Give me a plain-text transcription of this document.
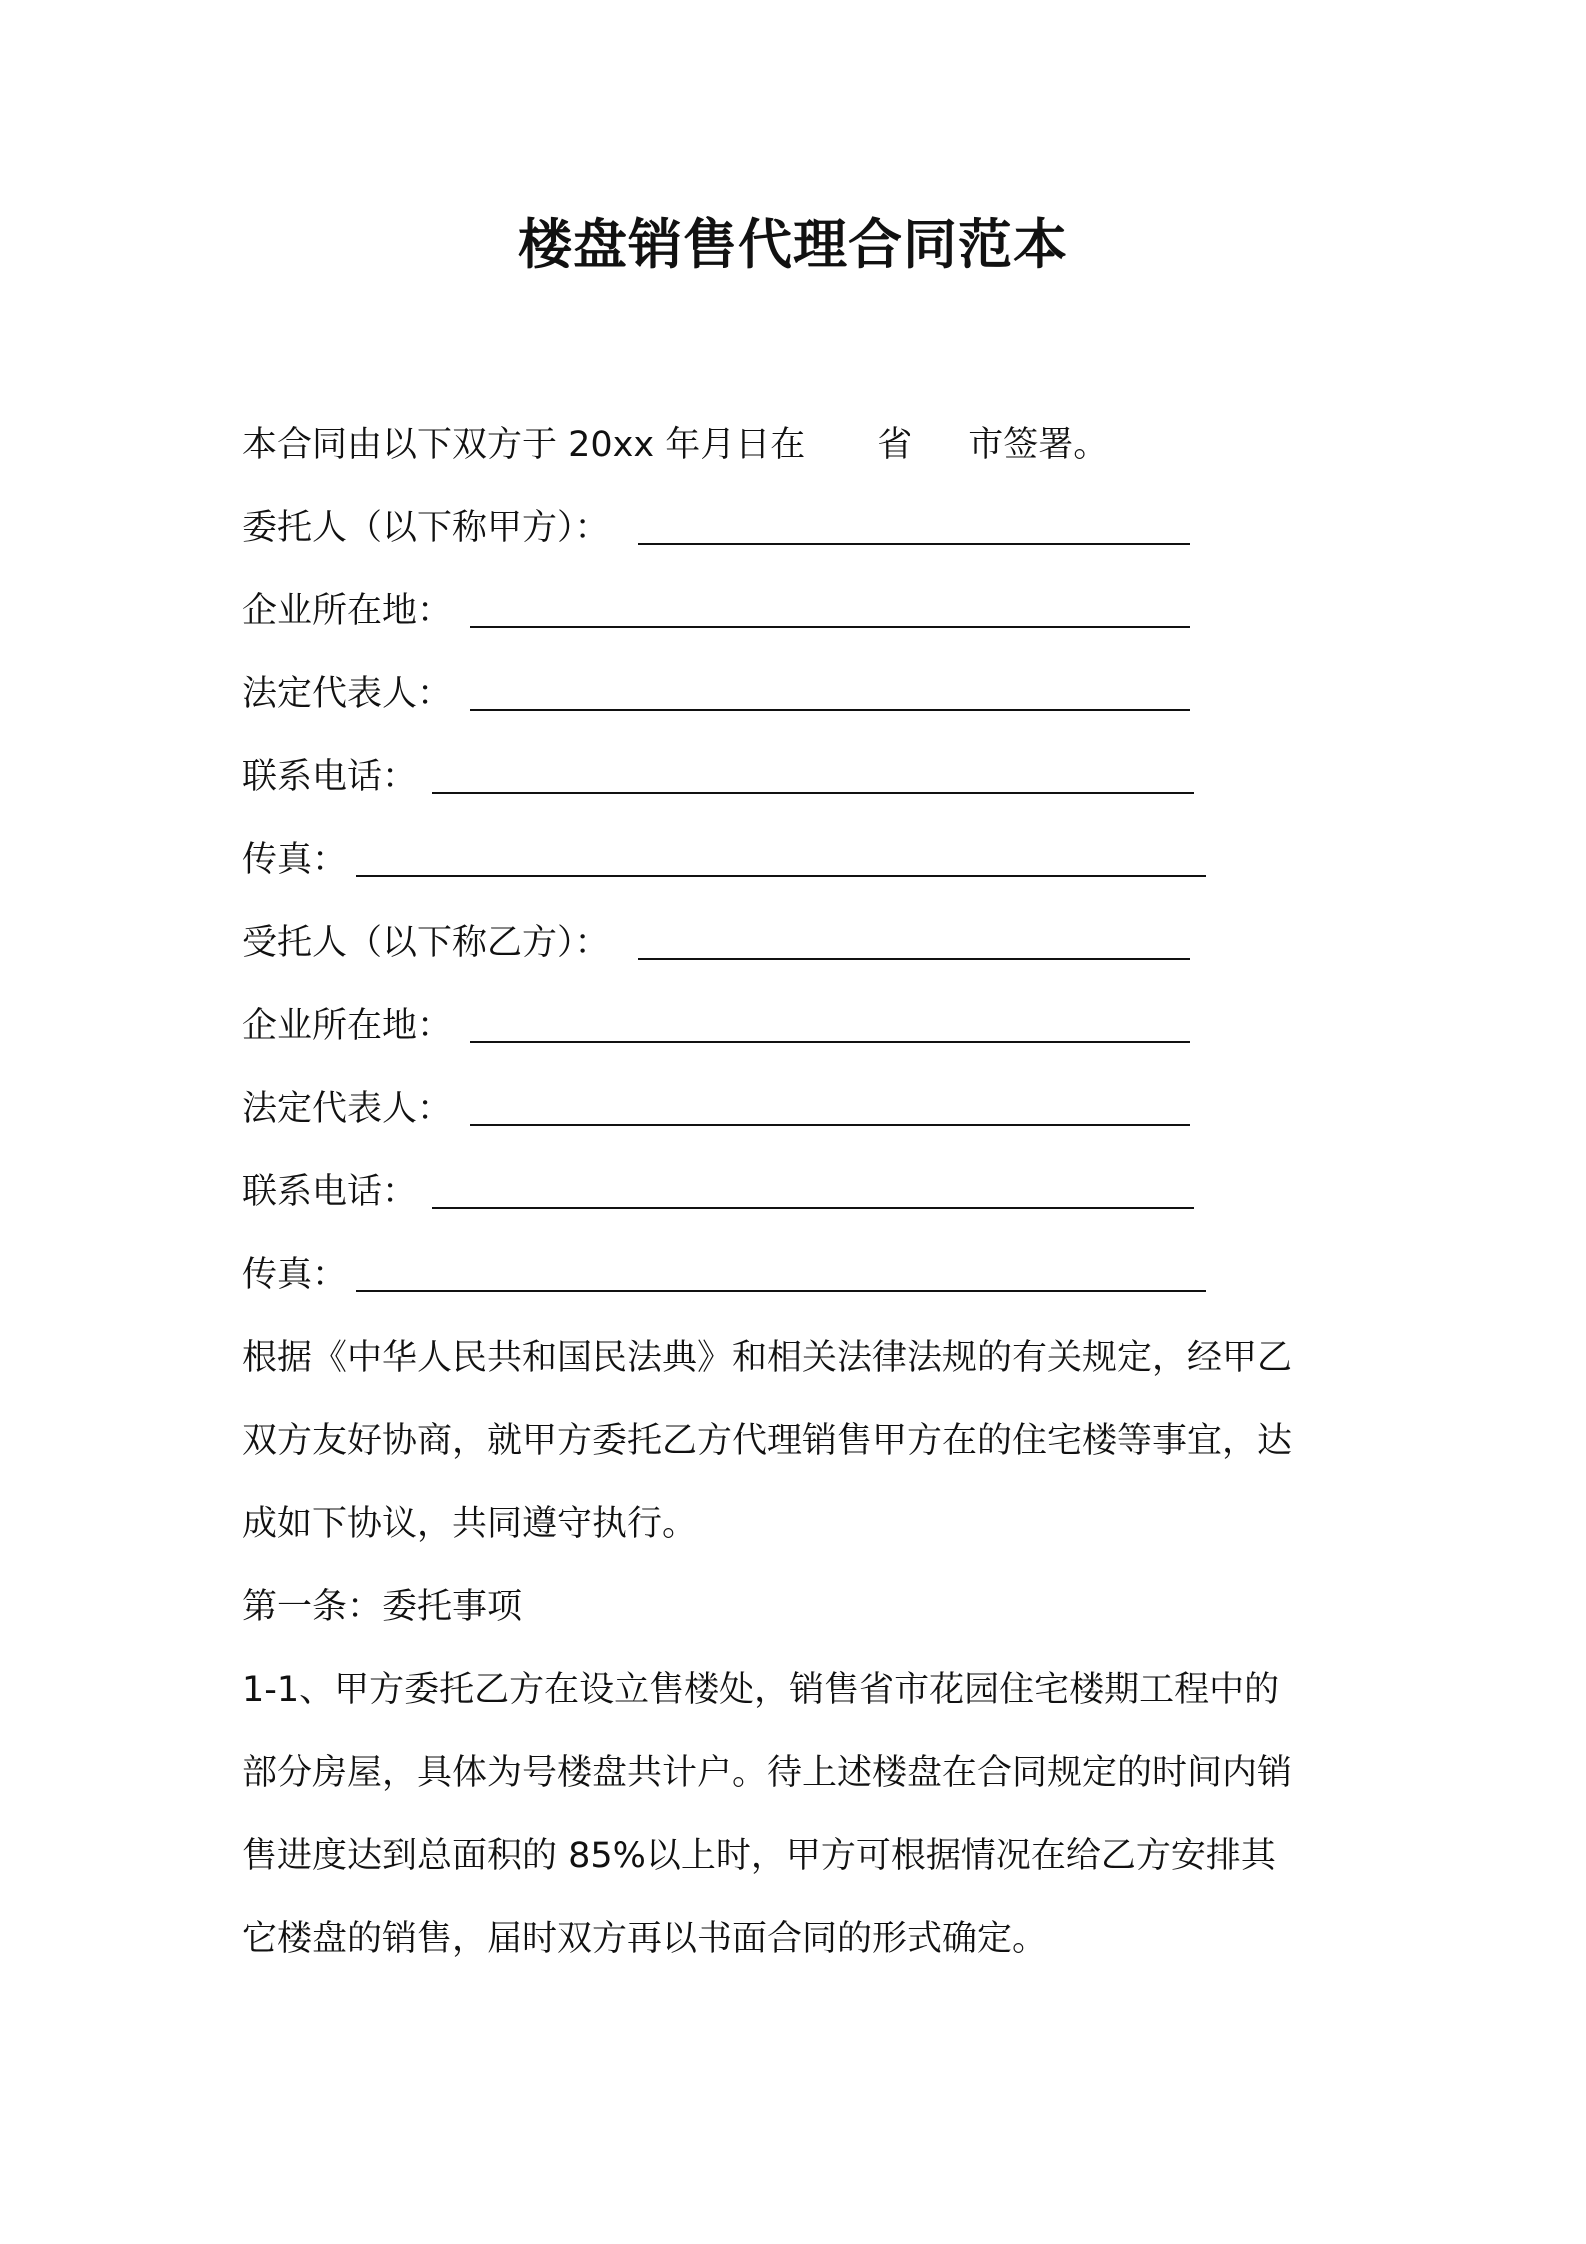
楼盘销售代理合同范本
本合同由以下双方于 20xx 年月日在 省 市签署。
委托人（以下称甲方）：
企业所在地：
法定代表人：
联系电话：
传真：
受托人（以下称乙方）：
企业所在地：
法定代表人：
联系电话：
传真：
根据《中华人民共和国民法典》和相关法律法规的有关规定，经甲乙
双方友好协商，就甲方委托乙方代理销售甲方在的住宅楼等事宜，达
成如下协议，共同遵守执行。
第一条：委托事项
1-1、甲方委托乙方在设立售楼处，销售省市花园住宅楼期工程中的
部分房屋，具体为号楼盘共计户。待上述楼盘在合同规定的时间内销
售进度达到总面积的 85%以上时，甲方可根据情况在给乙方安排其
它楼盘的销售，届时双方再以书面合同的形式确定。
